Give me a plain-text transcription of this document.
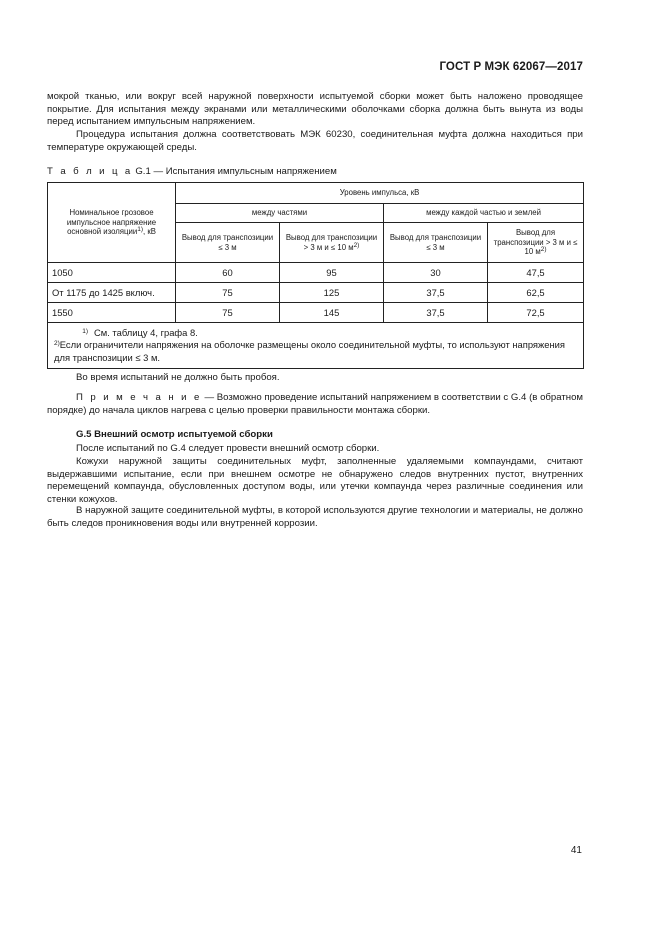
ГОСТ Р МЭК 62067—2017
мокрой тканью, или вокруг всей наружной поверхности испытуемой сборки может быть наложено проводящее покрытие. Для испытания между экранами или металлическими оболочками сборка должна быть вынута из воды перед испытанием импульсным напряжением.
Процедура испытания должна соответствовать МЭК 60230, соединительная муфта должна находиться при температуре окружающей среды.
Т а б л и ц а G.1 — Испытания импульсным напряжением
Номинальное грозовое импульсное напряжение основной изоляции$^{1)}$, кВ	Уровень импульса, кВ			
	между частями		между каждой частью и землей	
	Вывод для транспозиции ≤ 3 м	Вывод для транспозиции > 3 м и ≤ 10 $м^{2)}$	Вывод для транспозиции ≤ 3 м	Вывод для транспозиции > 3 м и ≤ 10 $м^{2)}$
1050	60	95	30	47,5
От 1175 до 1425 включ.	75	125	37,5	62,5
1550	75	145	37,5	72,5

$^{1)}$ См. таблицу 4, графа 8.
$^{2)}$Если ограничители напряжения на оболочке размещены около соединительной муфты, то используют напряжения для транспозиции ≤ 3 м.				
Во время испытаний не должно быть пробоя.
П р и м е ч а н и е — Возможно проведение испытаний напряжением в соответствии с G.4 (в обратном порядке) до начала циклов нагрева с целью проверки правильности монтажа сборки.
G.5 Внешний осмотр испытуемой сборки
После испытаний по G.4 следует провести внешний осмотр сборки.
Кожухи наружной защиты соединительных муфт, заполненные удаляемыми компаундами, считают выдержавшими испытание, если при внешнем осмотре не обнаружено следов внутренних пустот, внутренних перемещений компаунда, обусловленных доступом воды, или утечки компаунда через различные соединения или стенки кожухов.
В наружной защите соединительной муфты, в которой используются другие технологии и материалы, не должно быть следов проникновения воды или внутренней коррозии.
41
